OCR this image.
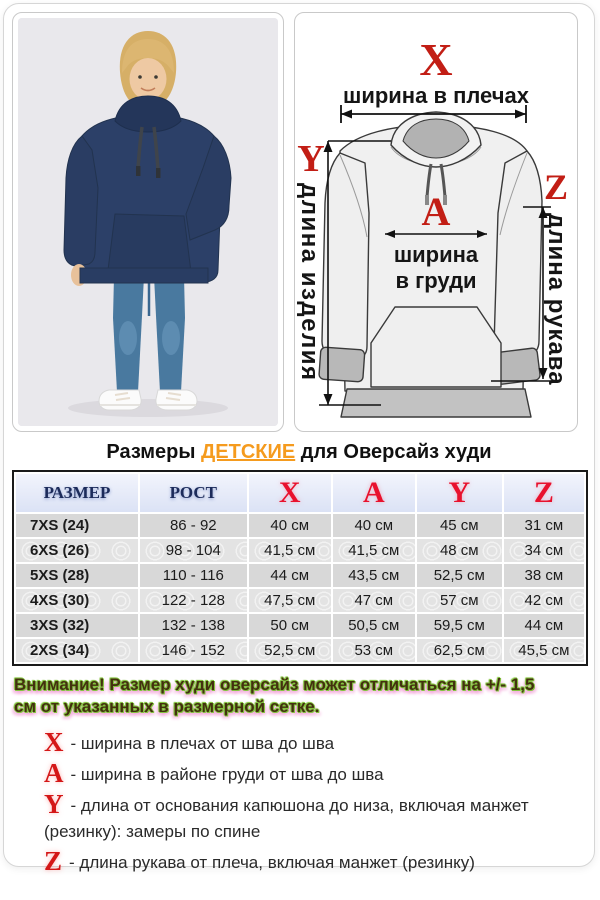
X
ширина в плечах
A
ширина
в груди
Y
длина изделия	Z
длина рукава
Размеры ДЕТСКИЕ для Оверсайз худи
РАЗМЕР	РОСТ	X	A	Y	Z
7XS (24)	86 - 92	40 см	40 см	45 см	31 см
6XS (26)	98 - 104	41,5 см	41,5 см	48 см	34 см
5XS (28)	110 - 116	44 см	43,5 см	52,5 см	38 см
4XS (30)	122 - 128	47,5 см	47 см	57 см	42 см
3XS (32)	132 - 138	50 см	50,5 см	59,5 см	44 см
2XS (34)	146 - 152	52,5 см	53 см	62,5 см	45,5 см
Внимание! Размер худи оверсайз может отличаться на +/- 1,5 см от указанных в размерной сетке.
X - ширина в плечах от шва до шва
A - ширина в районе груди от шва до шва
Y - длина от основания капюшона до низа, включая манжет (резинку): замеры по спине
Z - длина рукава от плеча, включая манжет (резинку)
